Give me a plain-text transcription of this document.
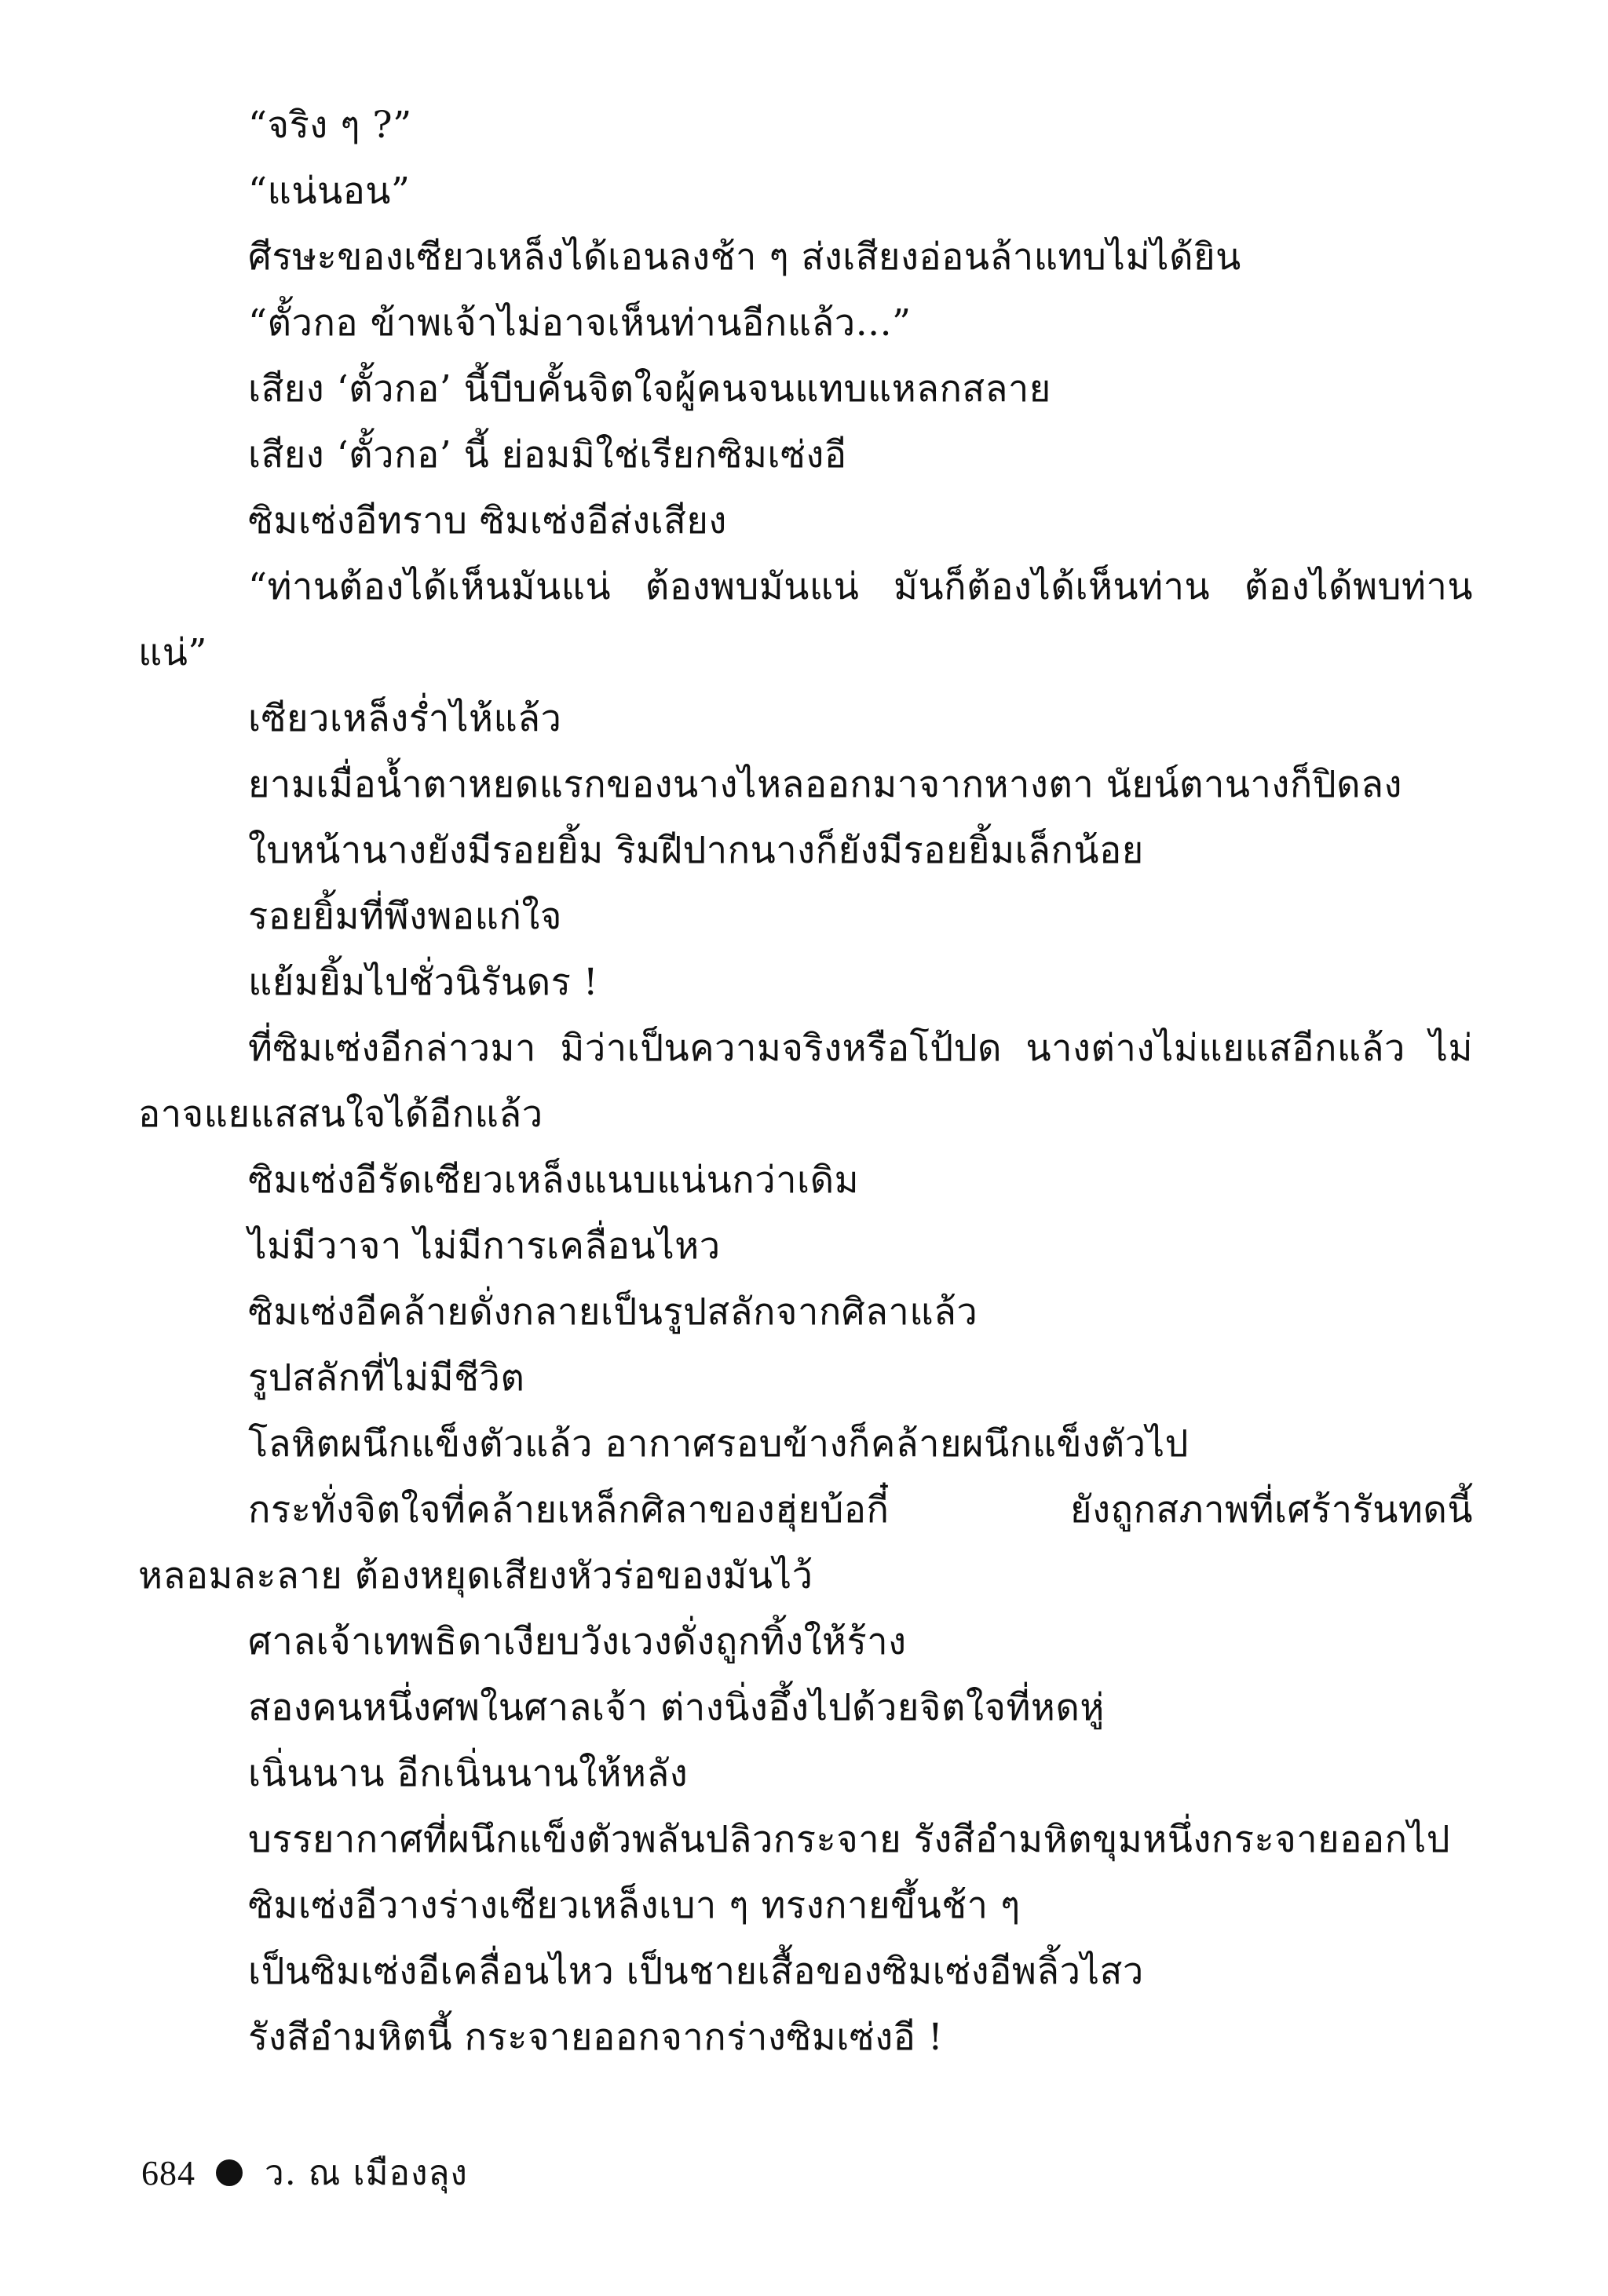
“จริง ๆ ?”

“แน่นอน”

ศีรษะของเซียวเหล็งได้เอนลงช้า ๆ ส่งเสียงอ่อนล้าแทบไม่ได้ยิน

“ตั้วกอ ข้าพเจ้าไม่อาจเห็นท่านอีกแล้ว...”

เสียง ‘ตั้วกอ’ นี้บีบคั้นจิตใจผู้คนจนแทบแหลกสลาย

เสียง ‘ตั้วกอ’ นี้ ย่อมมิใช่เรียกซิมเซ่งอี

ซิมเซ่งอีทราบ ซิมเซ่งอีส่งเสียง

“ท่านต้องได้เห็นมันแน่ ต้องพบมันแน่ มันก็ต้องได้เห็นท่าน ต้องได้พบท่านแน่”

เซียวเหล็งร่ำไห้แล้ว

ยามเมื่อน้ำตาหยดแรกของนางไหลออกมาจากหางตา นัยน์ตานางก็ปิดลง

ใบหน้านางยังมีรอยยิ้ม ริมฝีปากนางก็ยังมีรอยยิ้มเล็กน้อย

รอยยิ้มที่พึงพอแก่ใจ

แย้มยิ้มไปชั่วนิรันดร !

ที่ซิมเซ่งอีกล่าวมา มิว่าเป็นความจริงหรือโป้ปด นางต่างไม่แยแสอีกแล้ว ไม่อาจแยแสสนใจได้อีกแล้ว

ซิมเซ่งอีรัดเซียวเหล็งแนบแน่นกว่าเดิม

ไม่มีวาจา ไม่มีการเคลื่อนไหว

ซิมเซ่งอีคล้ายดั่งกลายเป็นรูปสลักจากศิลาแล้ว

รูปสลักที่ไม่มีชีวิต

โลหิตผนึกแข็งตัวแล้ว อากาศรอบข้างก็คล้ายผนึกแข็งตัวไป

กระทั่งจิตใจที่คล้ายเหล็กศิลาของฮุ่ยบ้อกี๋ ยังถูกสภาพที่เศร้ารันทดนี้หลอมละลาย ต้องหยุดเสียงหัวร่อของมันไว้

ศาลเจ้าเทพธิดาเงียบวังเวงดั่งถูกทิ้งให้ร้าง

สองคนหนึ่งศพในศาลเจ้า ต่างนิ่งอึ้งไปด้วยจิตใจที่หดหู่

เนิ่นนาน อีกเนิ่นนานให้หลัง

บรรยากาศที่ผนึกแข็งตัวพลันปลิวกระจาย รังสีอำมหิตขุมหนึ่งกระจายออกไป

ซิมเซ่งอีวางร่างเซียวเหล็งเบา ๆ ทรงกายขึ้นช้า ๆ

เป็นซิมเซ่งอีเคลื่อนไหว เป็นชายเสื้อของซิมเซ่งอีพลิ้วไสว

รังสีอำมหิตนี้ กระจายออกจากร่างซิมเซ่งอี !

684 ว. ณ เมืองลุง
